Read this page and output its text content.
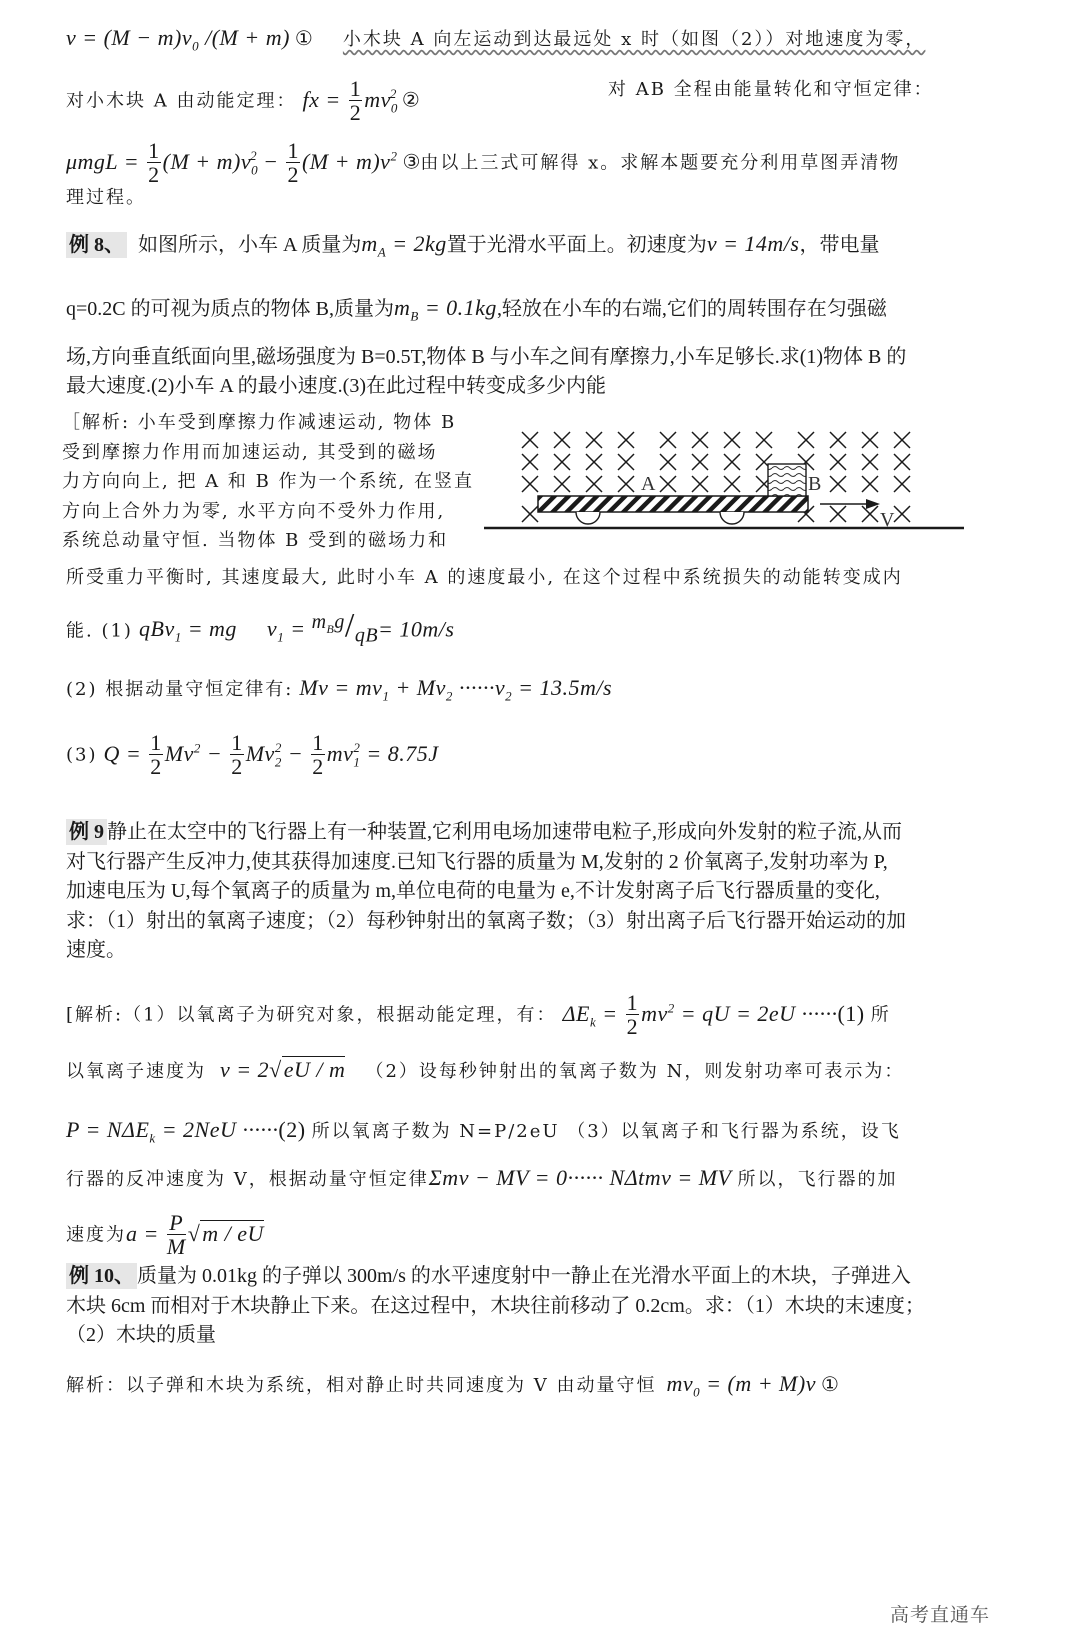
$v = (M - m)v_0$ /(M + m) ① 小木块 A 向左运动到达最远处 x 时（如图（2））对地速度为零，
对小木块 A 由动能定理： fx = $\frac{1}{2} mv_0^2$ ②
对 AB 全程由能量转化和守恒定律：
$\mu mgL = \frac{1}{2} (M + m)v_0^2 - \frac{1}{2} (M + m)v^2$ ③由以上三式可解得 x。求解本题要充分利用草图弄清物
理过程。
例 8、 如图所示，小车 A 质量为$m_A = 2kg$置于光滑水平面上。初速度为v = 14m/s，带电量
q=0.2C 的可视为质点的物体 B,质量为$m_B = 0.1kg$,轻放在小车的右端,它们的周转围存在匀强磁
场,方向垂直纸面向里,磁场强度为 B=0.5T,物体 B 与小车之间有摩擦力,小车足够长.求(1)物体 B 的
最大速度.(2)小车 A 的最小速度.(3)在此过程中转变成多少内能
［解析: 小车受到摩擦力作减速运动, 物体 B
受到摩擦力作用而加速运动, 其受到的磁场
力方向向上, 把 A 和 B 作为一个系统, 在竖直
方向上合外力为零, 水平方向不受外力作用,
系统总动量守恒. 当物体 B 受到的磁场力和
A	B
V
所受重力平衡时, 其速度最大, 此时小车 A 的速度最小, 在这个过程中系统损失的动能转变成内
能. (1) qBv$_1$ = mg     $v_1 = ^{m_Bg}/_{qB}= 10m/s$
(2) 根据动量守恒定律有: $Mv = mv_1 + Mv_2 \cdot\cdot\cdot\cdot\cdot\cdot v_2 = 13.5m/s$
(3) $Q = \frac{1}{2} Mv^2 - \frac{1}{2} Mv_2^2 - \frac{1}{2} mv_1^2 = 8.75J$
例 9 静止在太空中的飞行器上有一种装置,它利用电场加速带电粒子,形成向外发射的粒子流,从而
对飞行器产生反冲力,使其获得加速度.已知飞行器的质量为 M,发射的 2 价氧离子,发射功率为 P,
加速电压为 U,每个氧离子的质量为 m,单位电荷的电量为 e,不计发射离子后飞行器质量的变化,
求：（1）射出的氧离子速度；（2）每秒钟射出的氧离子数；（3）射出离子后飞行器开始运动的加
速度。
[解析:（1）以氧离子为研究对象，根据动能定理，有： $\Delta E_k = \frac{1}{2} mv^2$ = qU = 2eU ······(1) 所
以氧离子速度为 v = 2√eU / m （2）设每秒钟射出的氧离子数为 N，则发射功率可表示为：
$P = N\Delta E_k = 2NeU \cdot\cdot\cdot\cdot\cdot\cdot(2)$ 所以氧离子数为 N=P/2eU （3）以氧离子和飞行器为系统，设飞
行器的反冲速度为 V，根据动量守恒定律Σmv − MV = 0······ NΔtmv = MV 所以，飞行器的加
速度为$a = \frac{P}{M} √m$ / eU
例 10、 质量为 0.01kg 的子弹以 300m/s 的水平速度射中一静止在光滑水平面上的木块，子弹进入
木块 6cm 而相对于木块静止下来。在这过程中，木块往前移动了 0.2cm。求：（1）木块的末速度；
（2）木块的质量
解析：以子弹和木块为系统，相对静止时共同速度为 V 由动量守恒 $mv_0 = (m + M)v$ ①
高考直通车
